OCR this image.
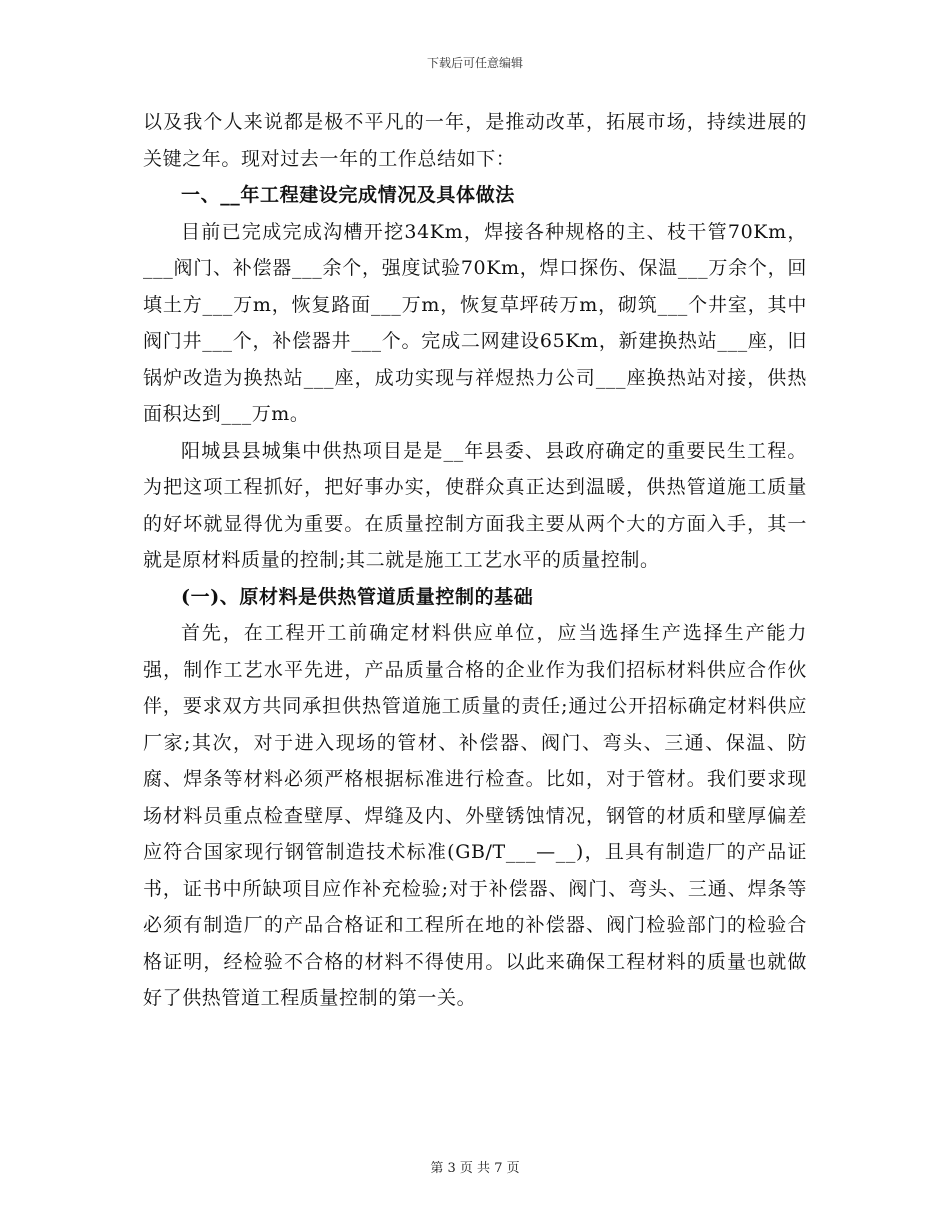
下载后可任意编辑

以及我个人来说都是极不平凡的一年，是推动改革，拓展市场，持续进展的关键之年。现对过去一年的工作总结如下：

一、__年工程建设完成情况及具体做法

目前已完成完成沟槽开挖34Km，焊接各种规格的主、枝干管70Km，___阀门、补偿器___余个，强度试验70Km，焊口探伤、保温___万余个，回填土方___万m，恢复路面___万m，恢复草坪砖万m，砌筑___个井室，其中阀门井___个，补偿器井___个。完成二网建设65Km，新建换热站___座，旧锅炉改造为换热站___座，成功实现与祥煜热力公司___座换热站对接，供热面积达到___万m。

阳城县县城集中供热项目是是__年县委、县政府确定的重要民生工程。为把这项工程抓好，把好事办实，使群众真正达到温暖，供热管道施工质量的好坏就显得优为重要。在质量控制方面我主要从两个大的方面入手，其一就是原材料质量的控制;其二就是施工工艺水平的质量控制。

(一)、原材料是供热管道质量控制的基础

首先，在工程开工前确定材料供应单位，应当选择生产选择生产能力强，制作工艺水平先进，产品质量合格的企业作为我们招标材料供应合作伙伴，要求双方共同承担供热管道施工质量的责任;通过公开招标确定材料供应厂家;其次，对于进入现场的管材、补偿器、阀门、弯头、三通、保温、防腐、焊条等材料必须严格根据标准进行检查。比如，对于管材。我们要求现场材料员重点检查壁厚、焊缝及内、外壁锈蚀情况，钢管的材质和壁厚偏差应符合国家现行钢管制造技术标准(GB/T___—__)，且具有制造厂的产品证书，证书中所缺项目应作补充检验;对于补偿器、阀门、弯头、三通、焊条等必须有制造厂的产品合格证和工程所在地的补偿器、阀门检验部门的检验合格证明，经检验不合格的材料不得使用。以此来确保工程材料的质量也就做好了供热管道工程质量控制的第一关。

第 3 页 共 7 页
